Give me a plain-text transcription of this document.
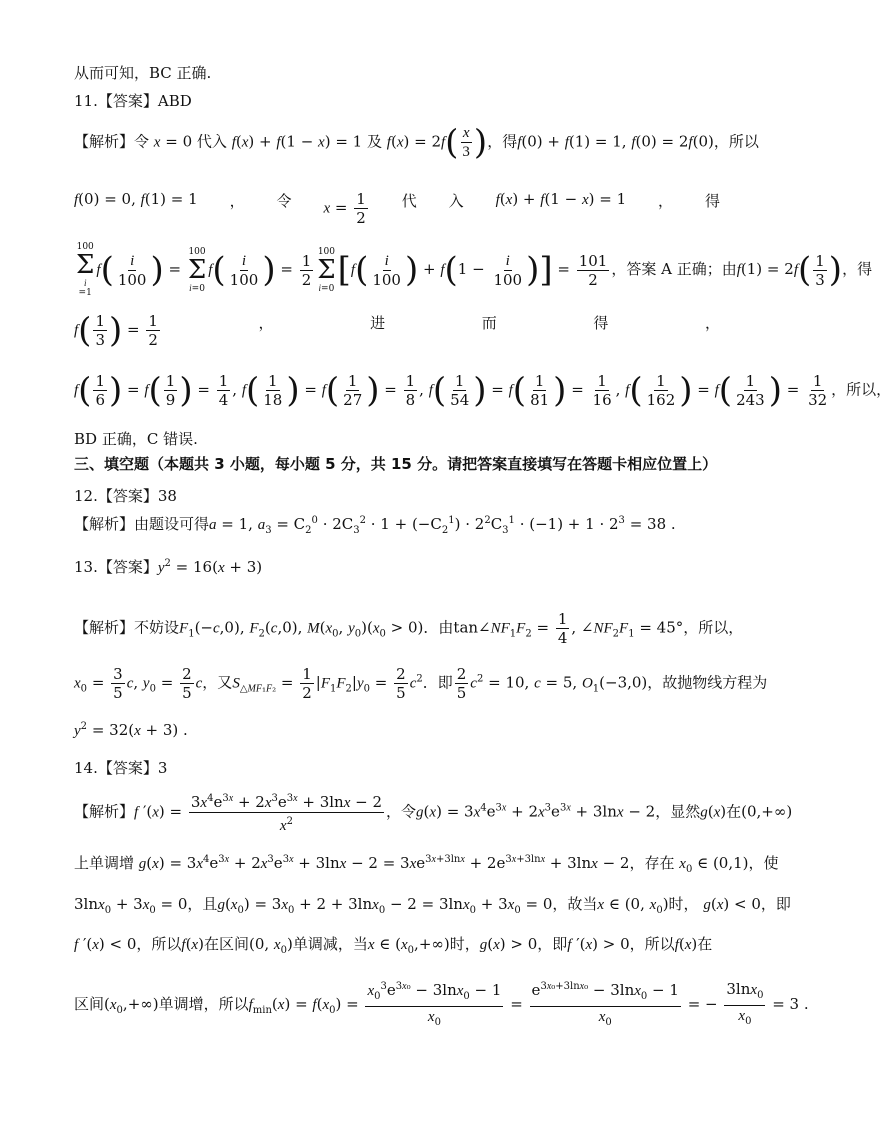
从而可知，BC 正确.
11.【答案】ABD
【解析】令 x = 0 代入 f(x) + f(1 − x) = 1 及 $f(x) = 2f( \frac{x}{3}$ )，得f(0) + f(1) = 1, f(0) = 2f(0)，所以
f(0) = 0, f(1) = 1 ， 令 $x = \frac{1}{2}$ 代 入 f(x) + f(1 − x) = 1 ， 得
100
Σ
i
=1
$f( \frac{i}{100}$ ) =
100
Σ
i=0
$f( \frac{i}{100}$ ) = $\frac{1}{2} 100$
Σ
i=0 [$f( \frac{i}{100}$ ) + $f(1 - \frac{i}{100}$ )] = $\frac{101}{2}$ ，答案 A 正确；由$f(1) = 2f( \frac{1}{3}$ )，得
$f( \frac{1}{3}$ ) = $\frac{1}{2}$	，	进	而	得	，
$f( \frac{1}{6}$ ) = $f( \frac{1}{9}$ ) = $\frac{1}{4}$ , $f( \frac{1}{18}$ ) = $f( \frac{1}{27}$ ) = $\frac{1}{8}$ , $f( \frac{1}{54}$ ) = $f( \frac{1}{81}$ ) = $\frac{1}{16}$ , $f( \frac{1}{162}$ ) = $f( \frac{1}{243}$ ) = $\frac{1}{32}$ ，所以，
BD 正确，C 错误.
三、填空题（本题共 3 小题，每小题 5 分，共 15 分。请把答案直接填写在答题卡相应位置上）
12.【答案】38
【解析】由题设可得a = 1, $a_3 = C_2^0 \cdot 2C_3^2 \cdot 1 + (-C_2^1) \cdot 2^2C_3^1 \cdot (-1) + 1 \cdot 2^3 = 38$ .
13.【答案】$y^2 = 16(x + 3)$
【解析】不妨设$F_1(-c,0)$, $F_2(c,0)$, $M(x_0$, $y_0)(x_0 > 0)$．由$\tan\angle NF_1F_2 = \frac{1}{4}$ , $\angle NF_2F_1 = 45^\circ$，所以，
$x_0 = \frac{3}{5} c$, $y_0 = \frac{2}{5}$ c，又$S_{\triangle MF_1F_2} = \frac{1}{2} |F_1F_2|y_0 = \frac{2}{5} c^2$．即 $\frac{2}{5} c^2 = 10$, c = 5, $O_1(-3,0)$，故抛物线方程为
$y^2 = 32(x + 3)$ .
14.【答案】3
【解析】f $'(x) = \frac{3x^4e^{3x} + 2x^3e^{3x} + 3\ln x - 2}{x^2}$ ，令$g(x) = 3x^4e^{3x} + 2x^3e^{3x} + 3\ln x - 2$，显然g(x)在(0,+∞)
上单调增 $g(x) = 3x^4e^{3x} + 2x^3e^{3x} + 3\ln x - 2 = 3xe^{3x+3lnx} + 2e^{3x+3lnx} + 3\ln x - 2$，存在 $x_0$ ∈ (0,1)，使
$3\ln x_0 + 3x_0 = 0$，且$g(x_0) = 3x_0 + 2 + 3\ln x_0 - 2 = 3\ln x_0 + 3x_0 = 0$，故当x ∈ (0, $x_0$)时， g(x) < 0，即
f ′(x) < 0，所以f(x)在区间(0, $x_0$)单调减，当x ∈ $(x_0,+\infty)$时，g(x) > 0，即f ′(x) > 0，所以f(x)在
区间$(x_0,+\infty)$单调增，所以$f_{min}(x) = f(x_0) = \frac{x_0^3e^{3x_0} - 3\ln x_0 - 1}{x_0} = \frac{e^{3x_0+3lnx_0} - 3\ln x_0 - 1}{x_0}$ = − $\frac{3\ln x_0}{x_0} = 3$ .
